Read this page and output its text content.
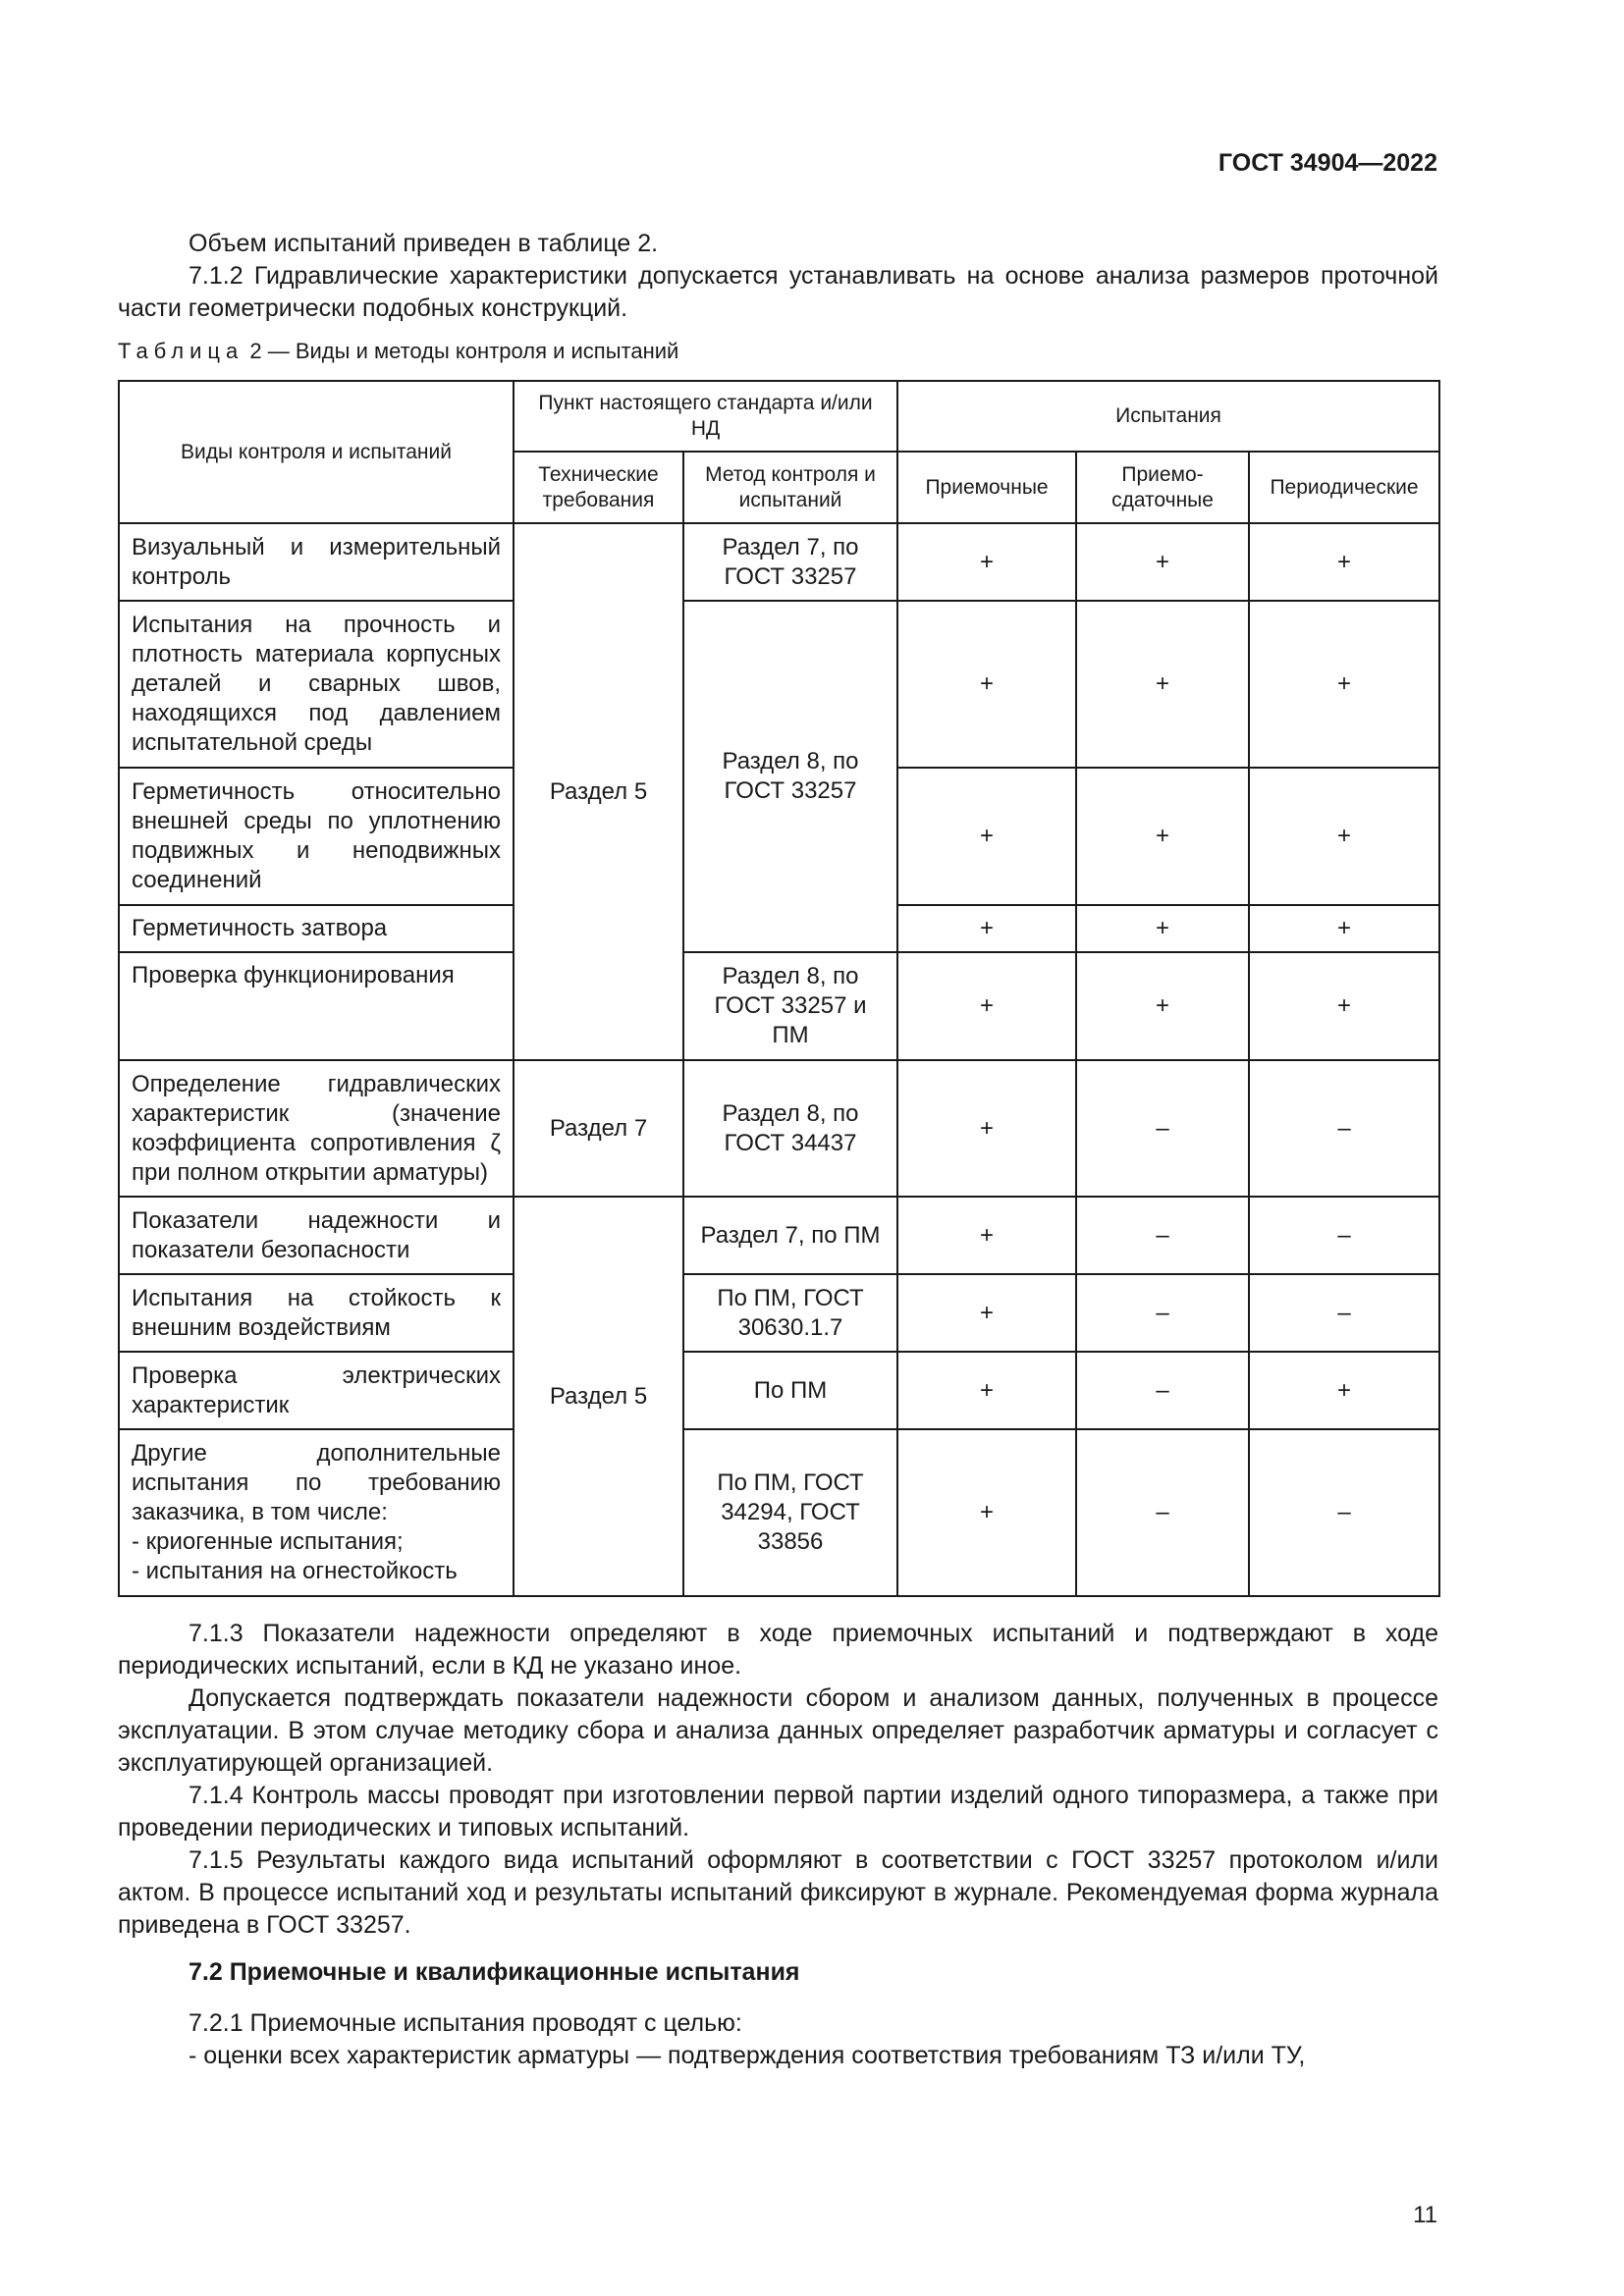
ГОСТ 34904—2022

Объем испытаний приведен в таблице 2.

7.1.2 Гидравлические характеристики допускается устанавливать на основе анализа размеров проточной части геометрически подобных конструкций.

Таблица 2 — Виды и методы контроля и испытаний
Виды контроля и испытаний	Пункт настоящего стандарта и/или НД		Испытания		
	Технические требования	Метод контроля и испытаний	Приемочные	Приемо-сдаточные	Периодические
Визуальный и измерительный контроль	Раздел 5	Раздел 7, по ГОСТ 33257	+	+	+
Испытания на прочность и плотность материала корпусных деталей и сварных швов, находящихся под давлением испытательной среды		Раздел 8, по ГОСТ 33257	+	+	+
Герметичность относительно внешней среды по уплотнению подвижных и неподвижных соединений			+	+	+
Герметичность затвора			+	+	+
Проверка функционирования		Раздел 8, по ГОСТ 33257 и ПМ	+	+	+
Определение гидравлических характеристик (значение коэффициента сопротивления ζ при полном открытии арматуры)	Раздел 7	Раздел 8, по ГОСТ 34437	+	–	–
Показатели надежности и показатели безопасности	Раздел 5	Раздел 7, по ПМ	+	–	–
Испытания на стойкость к внешним воздействиям		По ПМ, ГОСТ 30630.1.7	+	–	–
Проверка электрических характеристик		По ПМ	+	–	+

Другие дополнительные испытания по требованию заказчика, в том числе:
- криогенные испытания;
- испытания на огнестойкость		По ПМ, ГОСТ 34294, ГОСТ 33856	+	–	–

7.1.3 Показатели надежности определяют в ходе приемочных испытаний и подтверждают в ходе периодических испытаний, если в КД не указано иное.

Допускается подтверждать показатели надежности сбором и анализом данных, полученных в процессе эксплуатации. В этом случае методику сбора и анализа данных определяет разработчик арматуры и согласует с эксплуатирующей организацией.

7.1.4 Контроль массы проводят при изготовлении первой партии изделий одного типоразмера, а также при проведении периодических и типовых испытаний.

7.1.5 Результаты каждого вида испытаний оформляют в соответствии с ГОСТ 33257 протоколом и/или актом. В процессе испытаний ход и результаты испытаний фиксируют в журнале. Рекомендуемая форма журнала приведена в ГОСТ 33257.

7.2 Приемочные и квалификационные испытания

7.2.1 Приемочные испытания проводят с целью:

- оценки всех характеристик арматуры — подтверждения соответствия требованиям ТЗ и/или ТУ,

11
